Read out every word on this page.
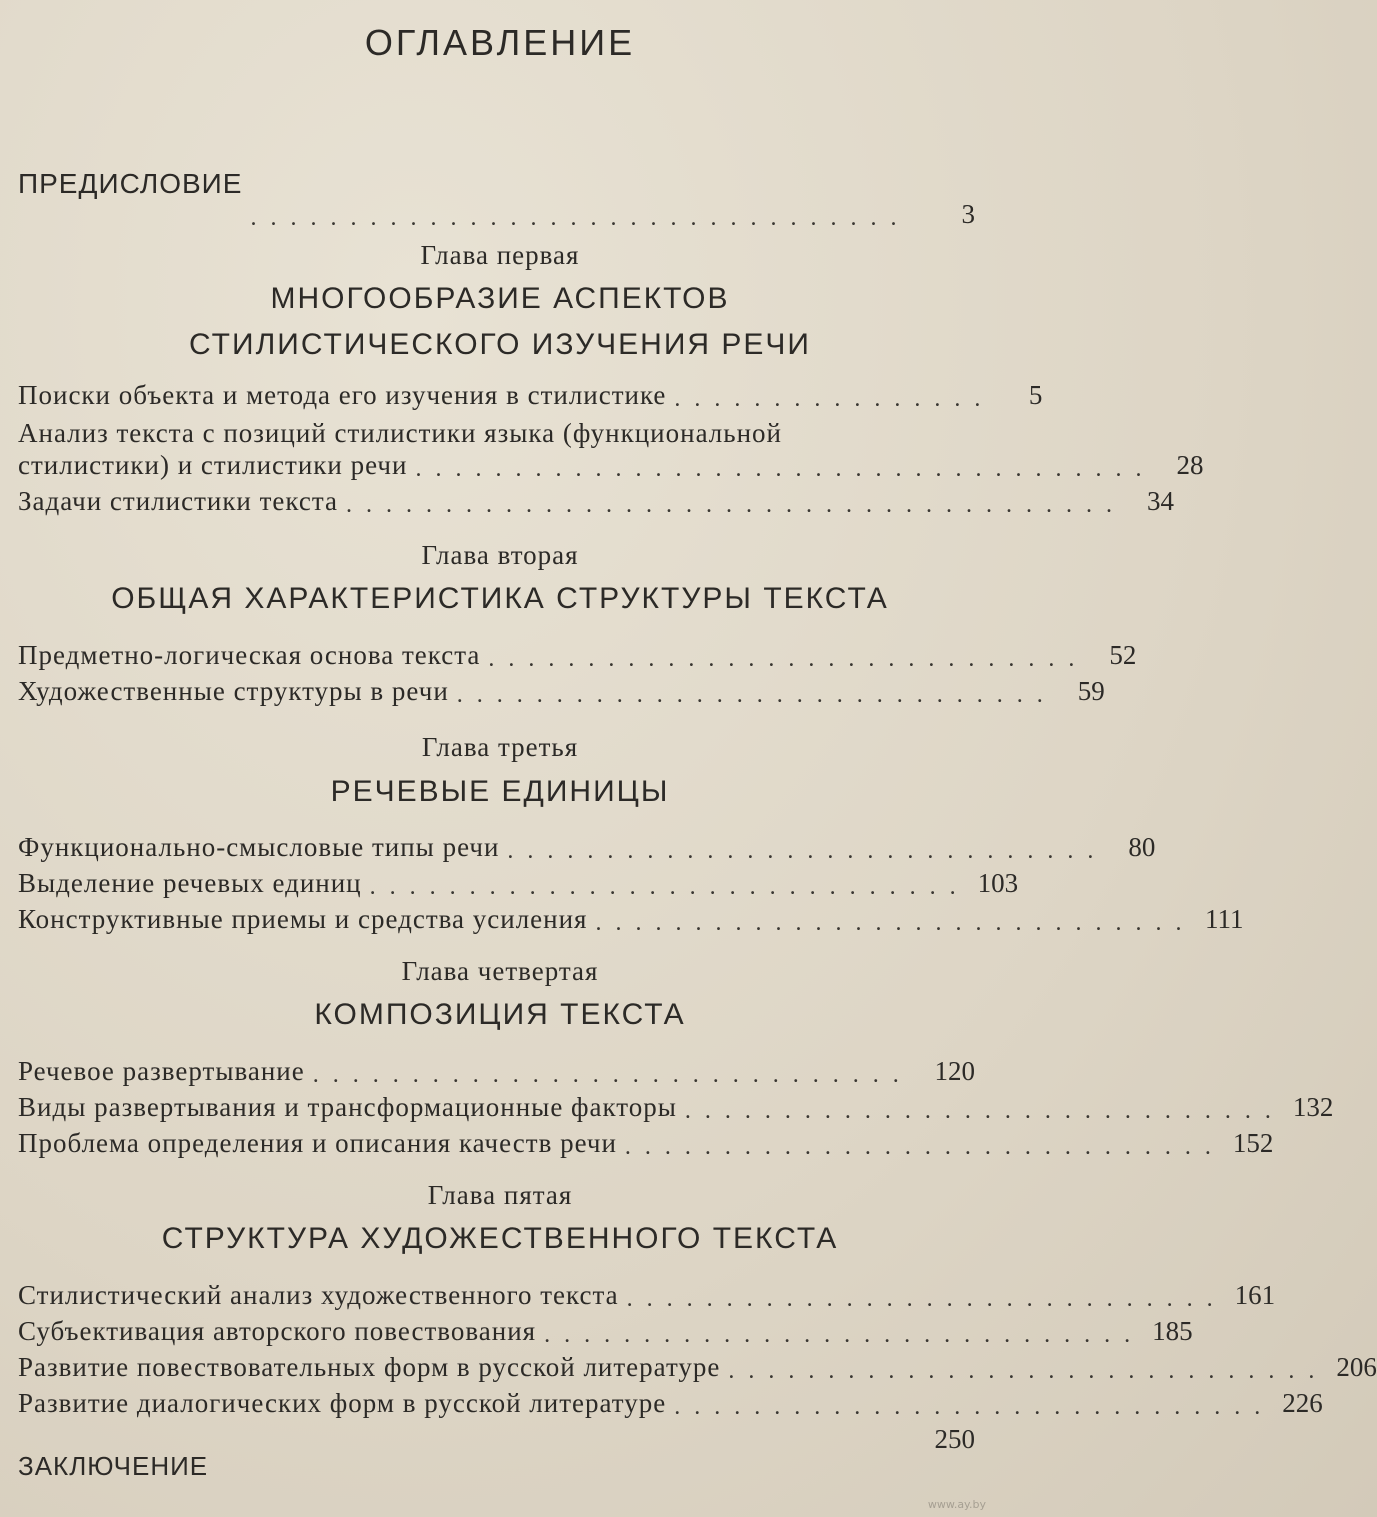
ОГЛАВЛЕНИЕ
ПРЕДИСЛОВИЕ
.................................	3
Глава первая
МНОГООБРАЗИЕ АСПЕКТОВ
СТИЛИСТИЧЕСКОГО ИЗУЧЕНИЯ РЕЧИ
Поиски объекта и метода его изучения в стилистике ................	5
Анализ текста с позиций стилистики языка (функциональной
стилистики) и стилистики речи ..................................... 28
Задачи стилистики текста ....................................... 34
Глава вторая
ОБЩАЯ ХАРАКТЕРИСТИКА СТРУКТУРЫ ТЕКСТА
Предметно-логическая основа текста .............................. 52
Художественные структуры в речи .............................. 59
Глава третья
РЕЧЕВЫЕ ЕДИНИЦЫ
Функционально-смысловые типы речи .............................. 80
Выделение речевых единиц .............................. 103
Конструктивные приемы и средства усиления .............................. 111
Глава четвертая
КОМПОЗИЦИЯ ТЕКСТА
Речевое развертывание .............................. 120
Виды развертывания и трансформационные факторы .............................. 132
Проблема определения и описания качеств речи .............................. 152
Глава пятая
СТРУКТУРА ХУДОЖЕСТВЕННОГО ТЕКСТА
Стилистический анализ художественного текста .............................. 161
Субъективация авторского повествования .............................. 185
Развитие повествовательных форм в русской литературе .............................. 206
Развитие диалогических форм в русской литературе .............................. 226
ЗАКЛЮЧЕНИЕ
250
www.ay.by
